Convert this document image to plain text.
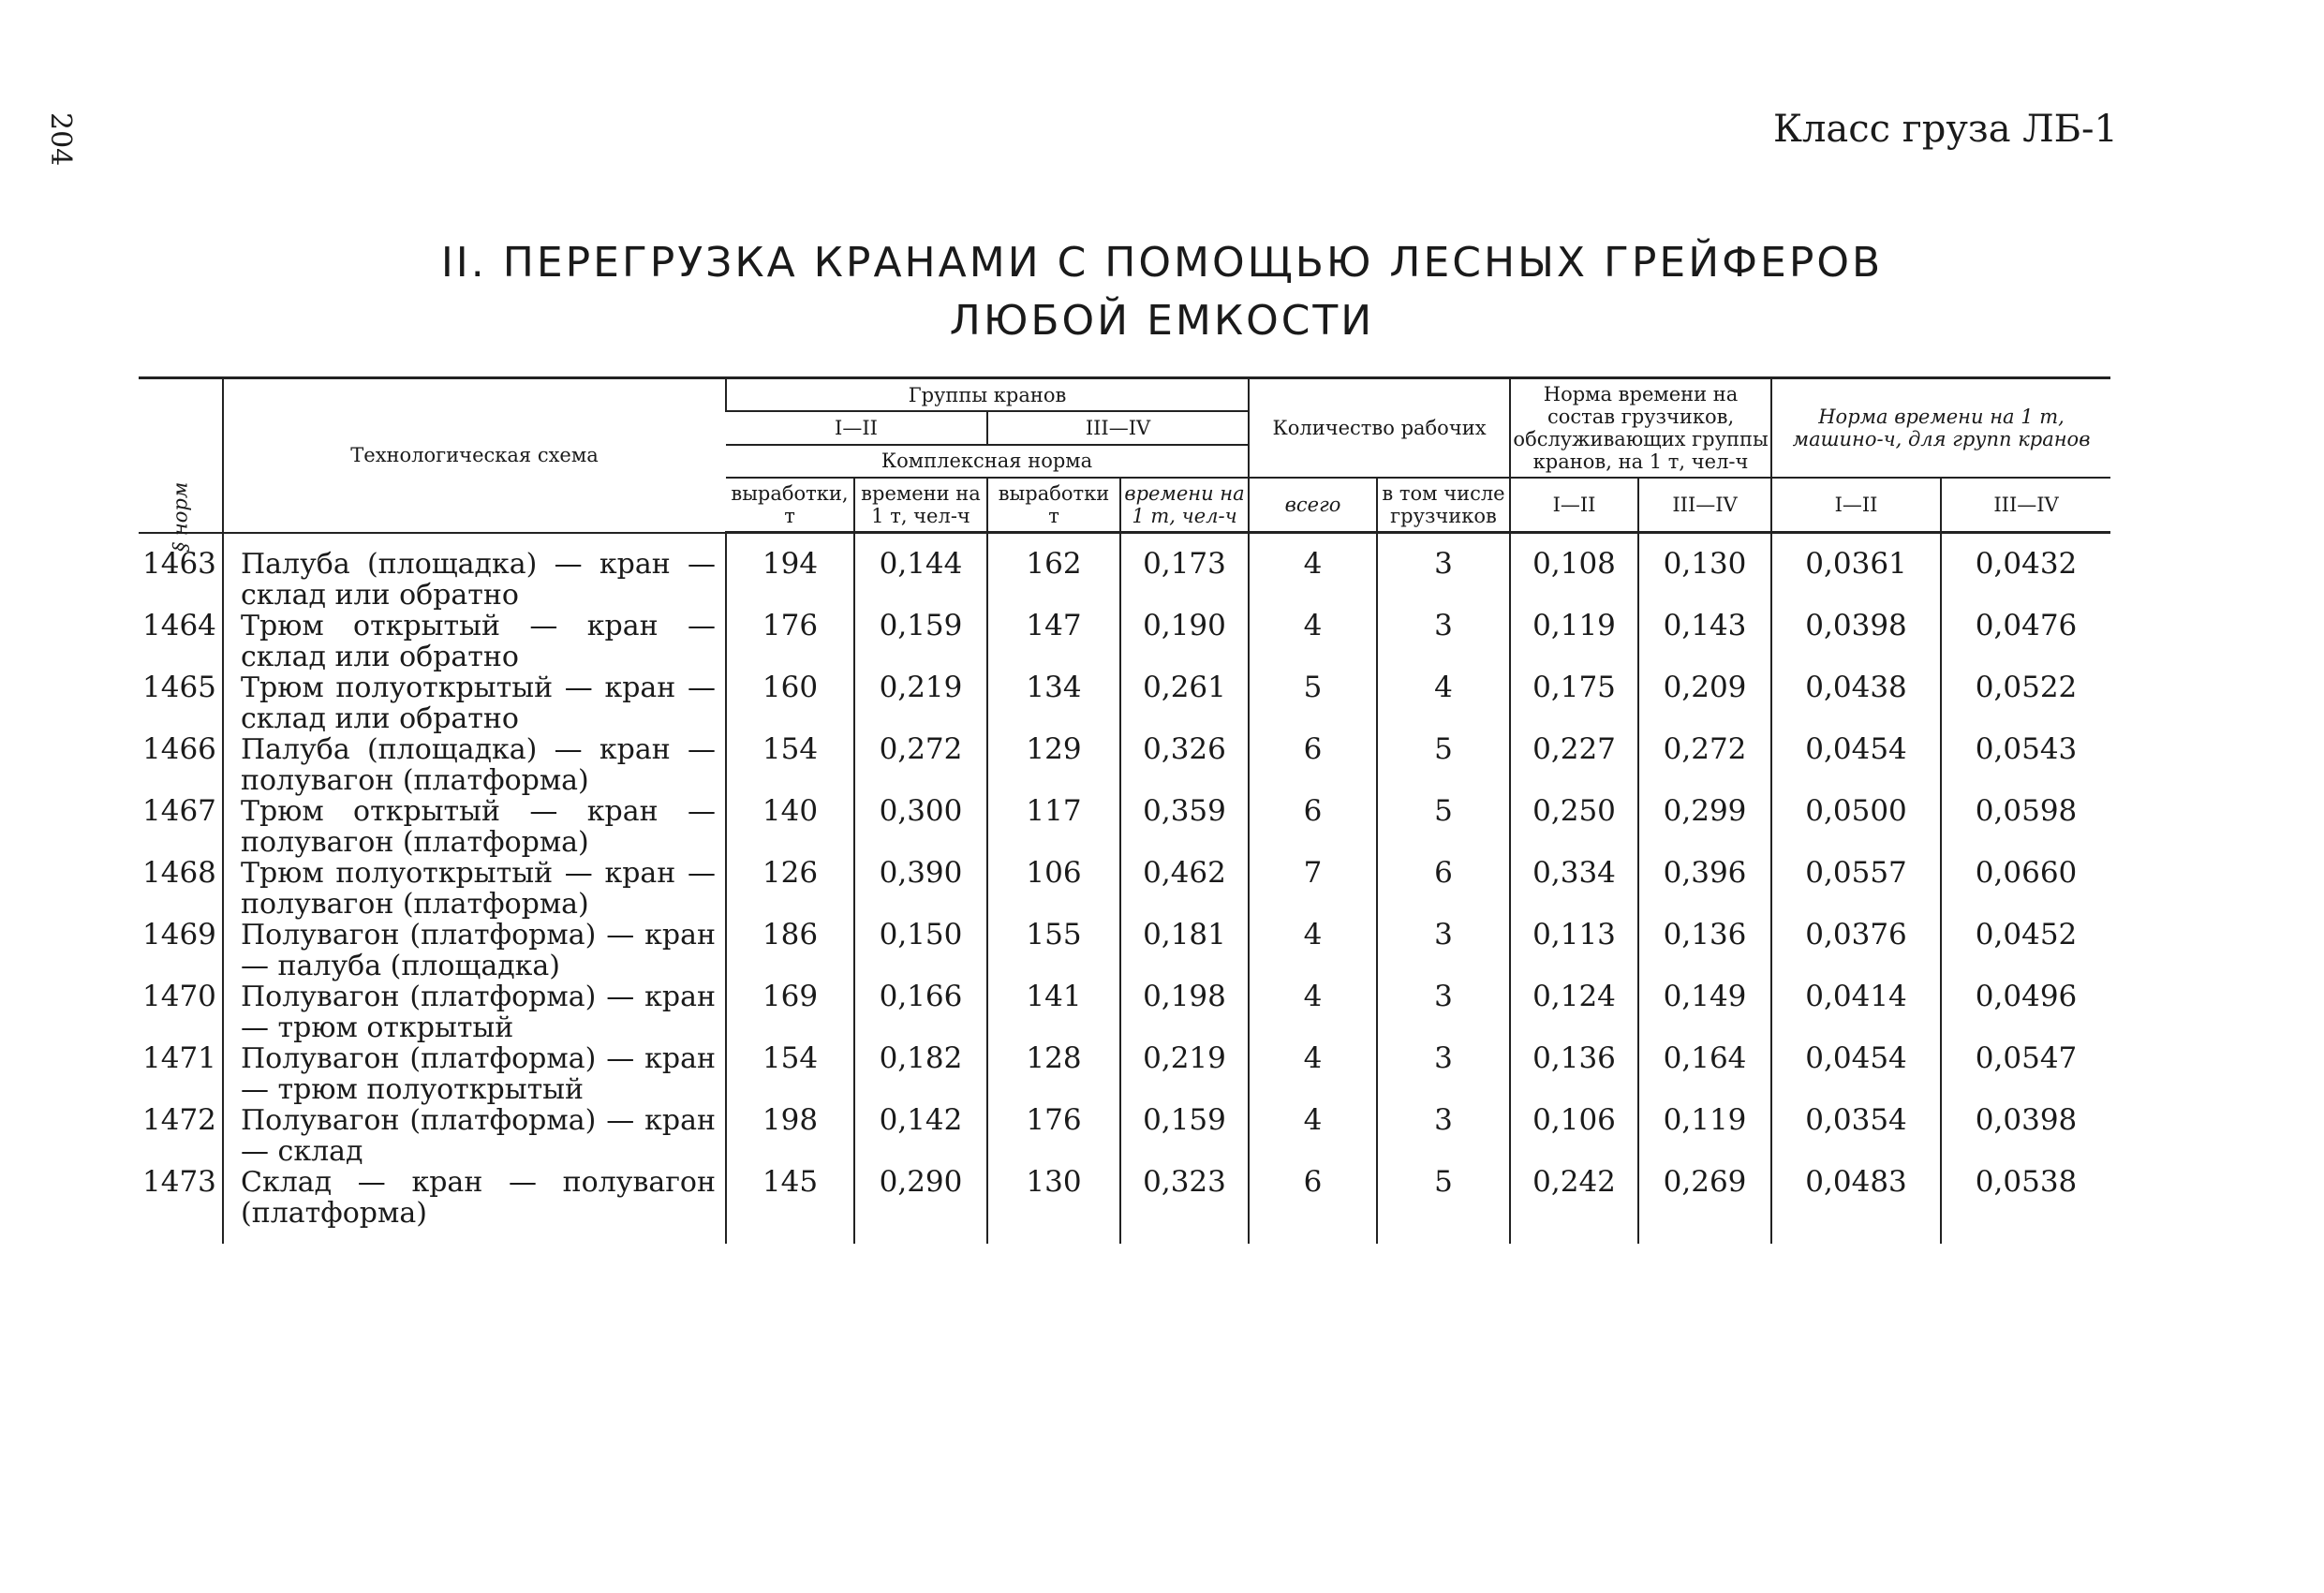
204	Класс груза ЛБ-1
II. ПЕРЕГРУЗКА КРАНАМИ С ПОМОЩЬЮ ЛЕСНЫХ ГРЕЙФЕРОВ
ЛЮБОЙ ЕМКОСТИ
§ норм	Технологическая схема	Группы кранов				Количество рабочих		Норма времени на состав грузчиков, обслуживающих группы кранов, на 1 т, чел-ч		Норма времени на 1 т, машино-ч, для групп кранов	
		I—II		III—IV							
		Комплексная норма									
		выработки, т	времени на 1 т, чел-ч	выработки т	времени на 1 т, чел-ч	всего	в том числе грузчиков	I—II	III—IV	I—II	III—IV
1463	Палуба (площадка) — кран — склад или обратно	194	0,144	162	0,173	4	3	0,108	0,130	0,0361	0,0432
1464	Трюм открытый — кран — склад или обратно	176	0,159	147	0,190	4	3	0,119	0,143	0,0398	0,0476
1465	Трюм полуоткрытый — кран — склад или обратно	160	0,219	134	0,261	5	4	0,175	0,209	0,0438	0,0522
1466	Палуба (площадка) — кран — полувагон (платформа)	154	0,272	129	0,326	6	5	0,227	0,272	0,0454	0,0543
1467	Трюм открытый — кран — полувагон (платформа)	140	0,300	117	0,359	6	5	0,250	0,299	0,0500	0,0598
1468	Трюм полуоткрытый — кран — полувагон (платформа)	126	0,390	106	0,462	7	6	0,334	0,396	0,0557	0,0660
1469	Полувагон (платформа) — кран — палуба (площадка)	186	0,150	155	0,181	4	3	0,113	0,136	0,0376	0,0452
1470	Полувагон (платформа) — кран — трюм открытый	169	0,166	141	0,198	4	3	0,124	0,149	0,0414	0,0496
1471	Полувагон (платформа) — кран — трюм полуоткрытый	154	0,182	128	0,219	4	3	0,136	0,164	0,0454	0,0547
1472	Полувагон (платформа) — кран — склад	198	0,142	176	0,159	4	3	0,106	0,119	0,0354	0,0398
1473	Склад — кран — полувагон (платформа)	145	0,290	130	0,323	6	5	0,242	0,269	0,0483	0,0538
